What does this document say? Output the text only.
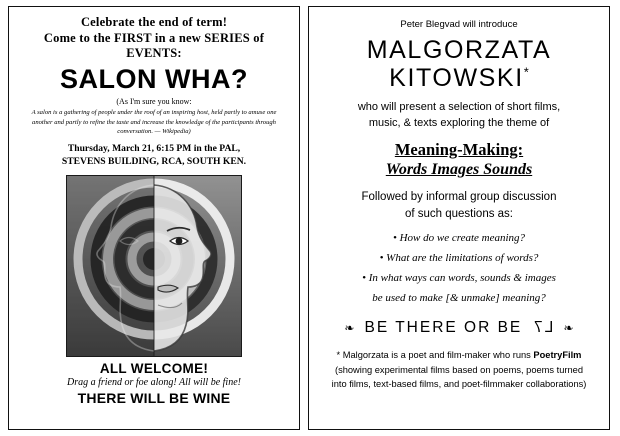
Celebrate the end of term!
Come to the FIRST in a new SERIES of EVENTS:
SALON WHA?
(As I'm sure you know:
A salon is a gathering of people under the roof of an inspiring host, held partly to amuse one another and partly to refine the taste and increase the knowledge of the participants through conversation. — Wikipedia)
Thursday, March 21, 6:15 PM in the PAL,
STEVENS BUILDING, RCA, SOUTH KEN.
ALL WELCOME!
Drag a friend or foe along! All will be fine!
THERE WILL BE WINE
Peter Blegvad will introduce
MALGORZATA
KITOWSKI*
who will present a selection of short films,
music, & texts exploring the theme of
Meaning-Making:
Words Images Sounds
Followed by informal group discussion
of such questions as:
• How do we create meaning?
• What are the limitations of words?
• In what ways can words, sounds & images
be used to make [& unmake] meaning?
❧ BE THERE OR BE L7 ❧
* Malgorzata is a poet and film-maker who runs PoetryFilm
(showing experimental films based on poems, poems turned
into films, text-based films, and poet-filmmaker collaborations)
